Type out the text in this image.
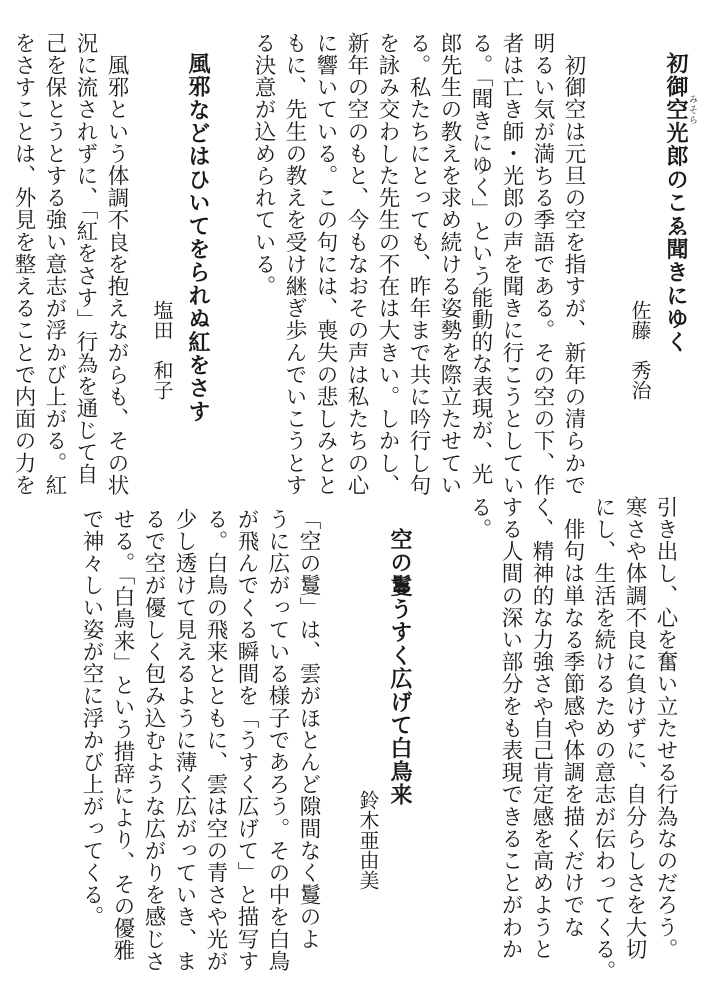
初御空みそら光郎のこゑ聞きにゆく
佐藤　秀治
　初御空は元旦の空を指すが、新年の清らかで
明るい気が満ちる季語である。その空の下、作
者は亡き師・光郎の声を聞きに行こうとしてい
る。「聞きにゆく」という能動的な表現が、光
郎先生の教えを求め続ける姿勢を際立たせてい
る。私たちにとっても、昨年まで共に吟行し句
を詠み交わした先生の不在は大きい。しかし、
新年の空のもと、今もなおその声は私たちの心
に響いている。この句には、喪失の悲しみとと
もに、先生の教えを受け継ぎ歩んでいこうとす
る決意が込められている。
風邪などはひいてをられぬ紅をさす
塩田　和子
　風邪という体調不良を抱えながらも、その状
況に流されずに、「紅をさす」行為を通じて自
己を保とうとする強い意志が浮かび上がる。紅
をさすことは、外見を整えることで内面の力を
引き出し、心を奮い立たせる行為なのだろう。
寒さや体調不良に負けずに、自分らしさを大切
にし、生活を続けるための意志が伝わってくる。
　俳句は単なる季節感や体調を描くだけでな
く、精神的な力強さや自己肯定感を高めようと
する人間の深い部分をも表現できることがわか
る。
空の鬘うすく広げて白鳥来
鈴木亜由美
「空の鬘」は、雲がほとんど隙間なく鬘のよ
うに広がっている様子であろう。その中を白鳥
が飛んでくる瞬間を「うすく広げて」と描写す
る。白鳥の飛来とともに、雲は空の青さや光が
少し透けて見えるように薄く広がっていき、ま
るで空が優しく包み込むような広がりを感じさ
せる。「白鳥来」という措辞により、その優雅
で神々しい姿が空に浮かび上がってくる。
